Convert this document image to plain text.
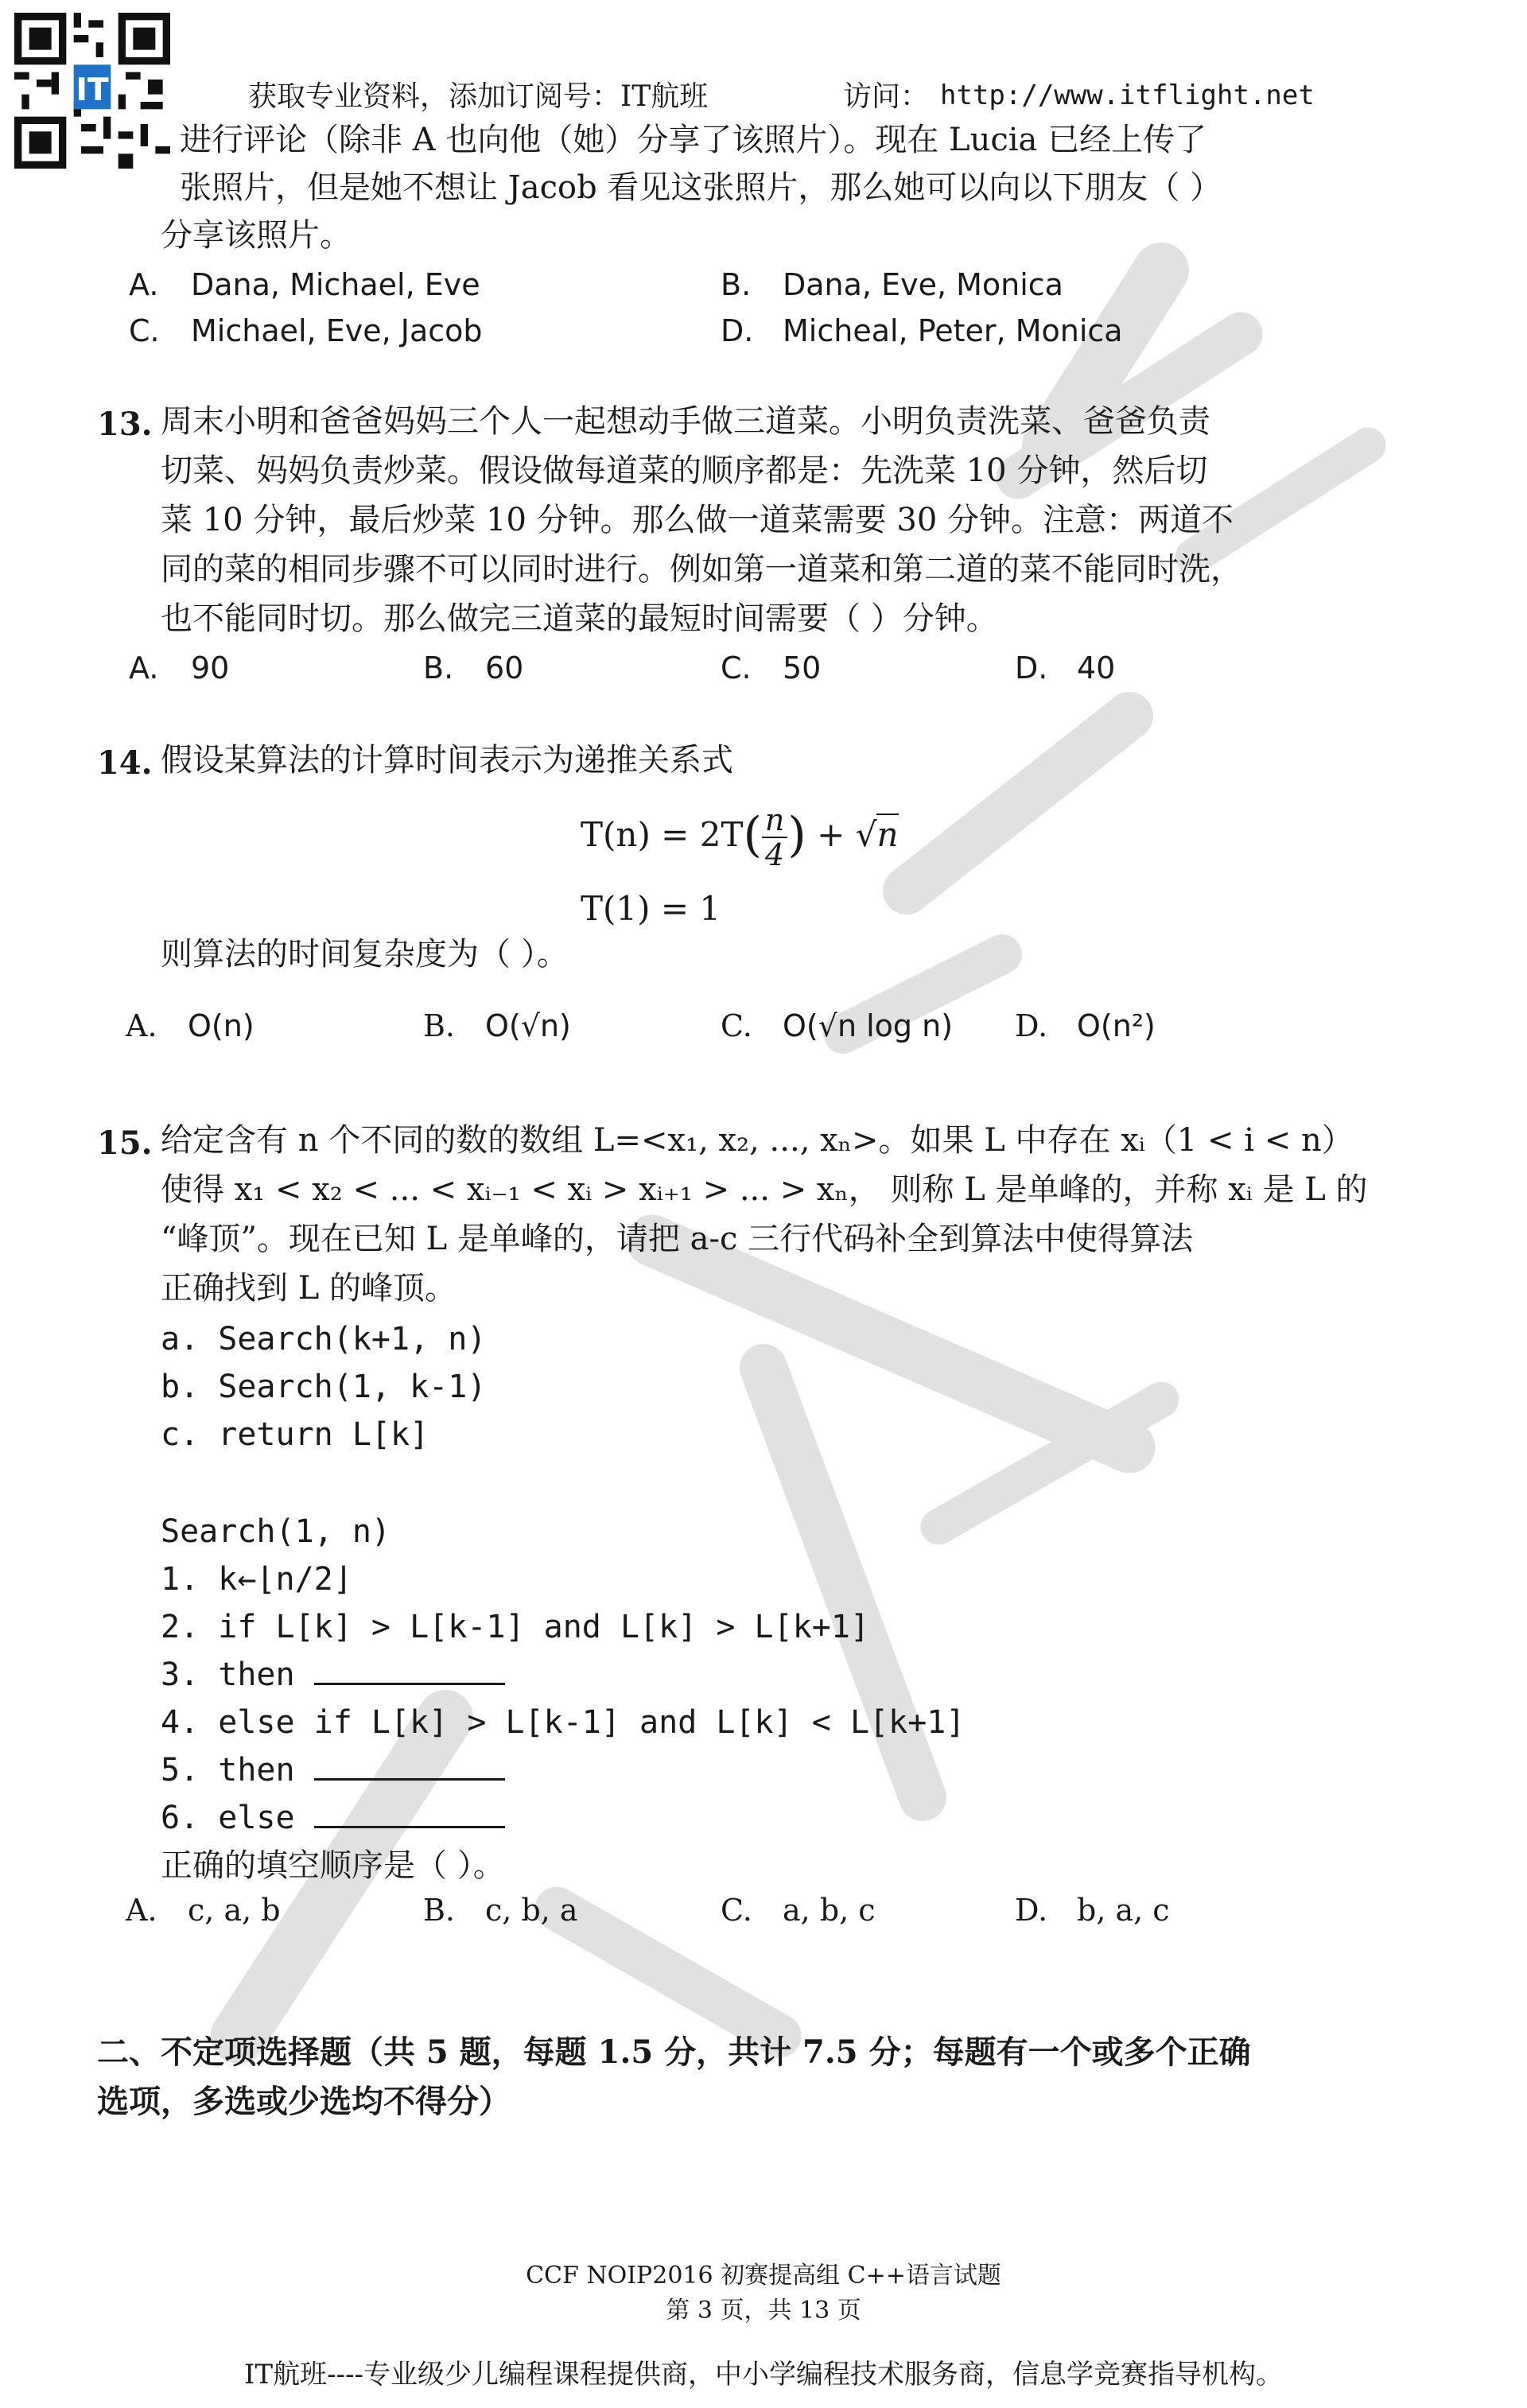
IT	获取专业资料，添加订阅号：IT航班	访问： http://www.itflight.net
进行评论（除非 A 也向他（她）分享了该照片）。现在 Lucia 已经上传了
张照片，但是她不想让 Jacob 看见这张照片，那么她可以向以下朋友（ ）
分享该照片。
A. Dana, Michael, Eve	B. Dana, Eve, Monica
C. Michael, Eve, Jacob	D. Micheal, Peter, Monica
13. 周末小明和爸爸妈妈三个人一起想动手做三道菜。小明负责洗菜、爸爸负责
切菜、妈妈负责炒菜。假设做每道菜的顺序都是：先洗菜 10 分钟，然后切
菜 10 分钟，最后炒菜 10 分钟。那么做一道菜需要 30 分钟。注意：两道不
同的菜的相同步骤不可以同时进行。例如第一道菜和第二道的菜不能同时洗，
也不能同时切。那么做完三道菜的最短时间需要（ ）分钟。
A. 90	B. 60	C. 50	D. 40
14. 假设某算法的计算时间表示为递推关系式
$T(n) = 2T( \frac{n}{4}) + √n$
T(1) = 1
则算法的时间复杂度为（ ）。
A. O(n)	B. O(√n)	C. O(√n log n) D. O(n²)
15. 给定含有 n 个不同的数的数组 L=<x₁, x₂, ..., xₙ>。如果 L 中存在 xᵢ（1 < i < n）
使得 x₁ < x₂ < ... < xᵢ₋₁ < xᵢ > xᵢ₊₁ > ... > xₙ， 则称 L 是单峰的，并称 xᵢ 是 L 的
“峰顶”。现在已知 L 是单峰的，请把 a-c 三行代码补全到算法中使得算法
正确找到 L 的峰顶。
a. Search(k+1, n)
b. Search(1, k-1)
c. return L[k]
Search(1, n)
1. k←⌊n/2⌋
2. if L[k] > L[k-1] and L[k] > L[k+1]
3. then
4. else if L[k] > L[k-1] and L[k] < L[k+1]
5. then
6. else
正确的填空顺序是（ ）。
A. c, a, b	B. c, b, a	C. a, b, c	D. b, a, c
二、不定项选择题（共 5 题，每题 1.5 分，共计 7.5 分；每题有一个或多个正确
选项，多选或少选均不得分）
CCF NOIP2016 初赛提高组 C++语言试题
第 3 页，共 13 页
IT航班----专业级少儿编程课程提供商，中小学编程技术服务商，信息学竞赛指导机构。
